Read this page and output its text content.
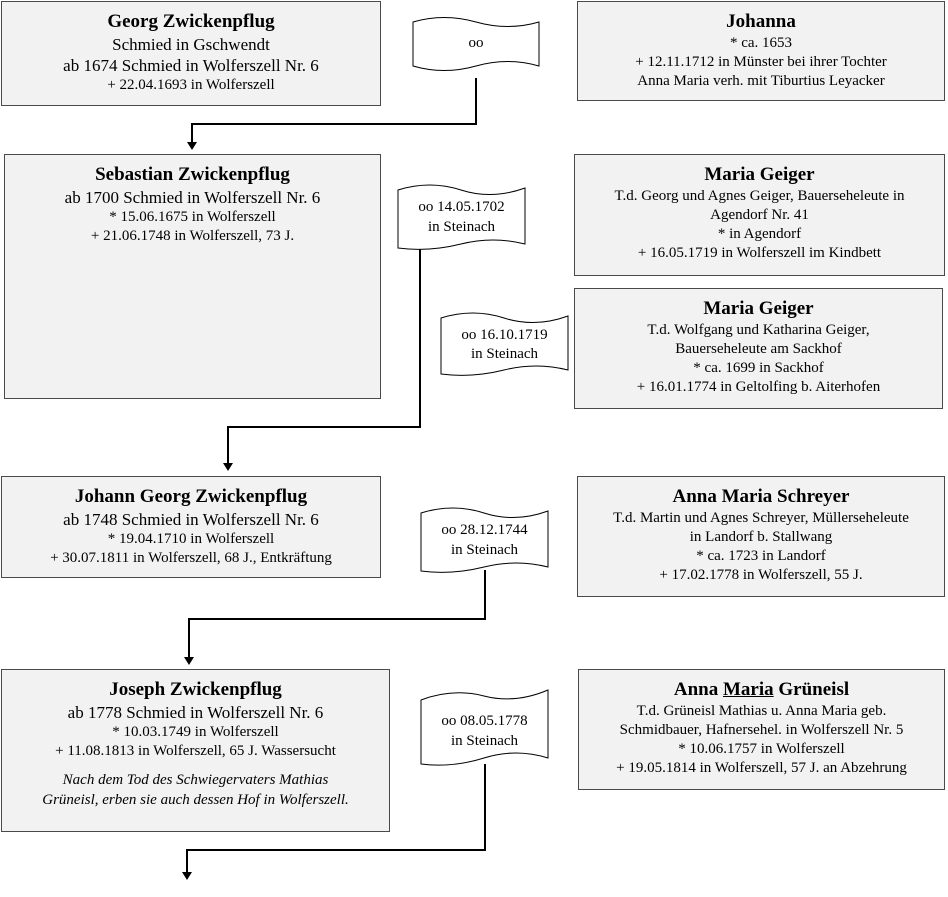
Georg Zwickenpflug
Schmied in Gschwendt
ab 1674 Schmied in Wolferszell Nr. 6
+ 22.04.1693 in Wolferszell
Johanna
* ca. 1653
+ 12.11.1712 in Münster bei ihrer Tochter
Anna Maria verh. mit Tiburtius Leyacker
Sebastian Zwickenpflug
ab 1700 Schmied in Wolferszell Nr. 6
* 15.06.1675 in Wolferszell
+ 21.06.1748 in Wolferszell, 73 J.
Maria Geiger
T.d. Georg und Agnes Geiger, Bauerseheleute in
Agendorf Nr. 41
* in Agendorf
+ 16.05.1719 in Wolferszell im Kindbett
Maria Geiger
T.d. Wolfgang und Katharina Geiger,
Bauerseheleute am Sackhof
* ca. 1699 in Sackhof
+ 16.01.1774 in Geltolfing b. Aiterhofen
Johann Georg Zwickenpflug
ab 1748 Schmied in Wolferszell Nr. 6
* 19.04.1710 in Wolferszell
+ 30.07.1811 in Wolferszell, 68 J., Entkräftung
Anna Maria Schreyer
T.d. Martin und Agnes Schreyer, Müllerseheleute
in Landorf b. Stallwang
* ca. 1723 in Landorf
+ 17.02.1778 in Wolferszell, 55 J.
Joseph Zwickenpflug
ab 1778 Schmied in Wolferszell Nr. 6
* 10.03.1749 in Wolferszell
+ 11.08.1813 in Wolferszell, 65 J. Wassersucht
Nach dem Tod des Schwiegervaters Mathias
Grüneisl, erben sie auch dessen Hof in Wolferszell.
Anna Maria Grüneisl
T.d. Grüneisl Mathias u. Anna Maria geb.
Schmidbauer, Hafnersehel. in Wolferszell Nr. 5
* 10.06.1757 in Wolferszell
+ 19.05.1814 in Wolferszell, 57 J. an Abzehrung
oo
oo 14.05.1702
in Steinach
oo 16.10.1719
in Steinach
oo 28.12.1744
in Steinach
oo 08.05.1778
in Steinach
